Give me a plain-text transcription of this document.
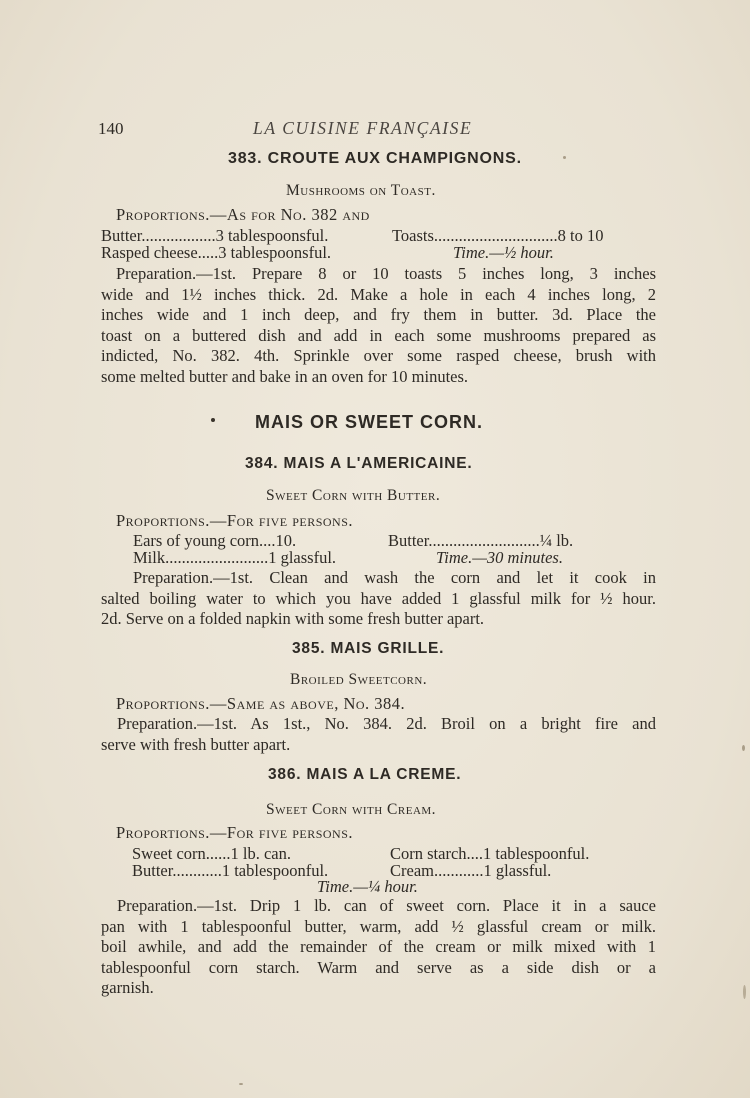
140	LA CUISINE FRANÇAISE
383. CROUTE AUX CHAMPIGNONS.
Mushrooms on Toast.
Proportions.—As for No. 382 and
Butter..................3 tablespoonsful.	Toasts..............................8 to 10
Rasped cheese.....3 tablespoonsful.	Time.—½ hour.
Preparation.—1st. Prepare 8 or 10 toasts 5 inches long, 3 inches
wide and 1½ inches thick. 2d. Make a hole in each 4 inches long, 2
inches wide and 1 inch deep, and fry them in butter. 3d. Place the
toast on a buttered dish and add in each some mushrooms prepared as
indicted, No. 382. 4th. Sprinkle over some rasped cheese, brush with
some melted butter and bake in an oven for 10 minutes.
MAIS OR SWEET CORN.
384. MAIS A L'AMERICAINE.
Sweet Corn with Butter.
Proportions.—For five persons.
Ears of young corn....10.	Butter...........................¼ lb.
Milk.........................1 glassful.	Time.—30 minutes.
Preparation.—1st. Clean and wash the corn and let it cook in
salted boiling water to which you have added 1 glassful milk for ½ hour.
2d. Serve on a folded napkin with some fresh butter apart.
385. MAIS GRILLE.
Broiled Sweetcorn.
Proportions.—Same as above, No. 384.
Preparation.—1st. As 1st., No. 384. 2d. Broil on a bright fire and
serve with fresh butter apart.
386. MAIS A LA CREME.
Sweet Corn with Cream.
Proportions.—For five persons.
Sweet corn......1 lb. can.	Corn starch....1 tablespoonful.
Butter............1 tablespoonful.	Cream............1 glassful.
Time.—¼ hour.
Preparation.—1st. Drip 1 lb. can of sweet corn. Place it in a sauce
pan with 1 tablespoonful butter, warm, add ½ glassful cream or milk.
boil awhile, and add the remainder of the cream or milk mixed with 1
tablespoonful corn starch. Warm and serve as a side dish or a
garnish.
